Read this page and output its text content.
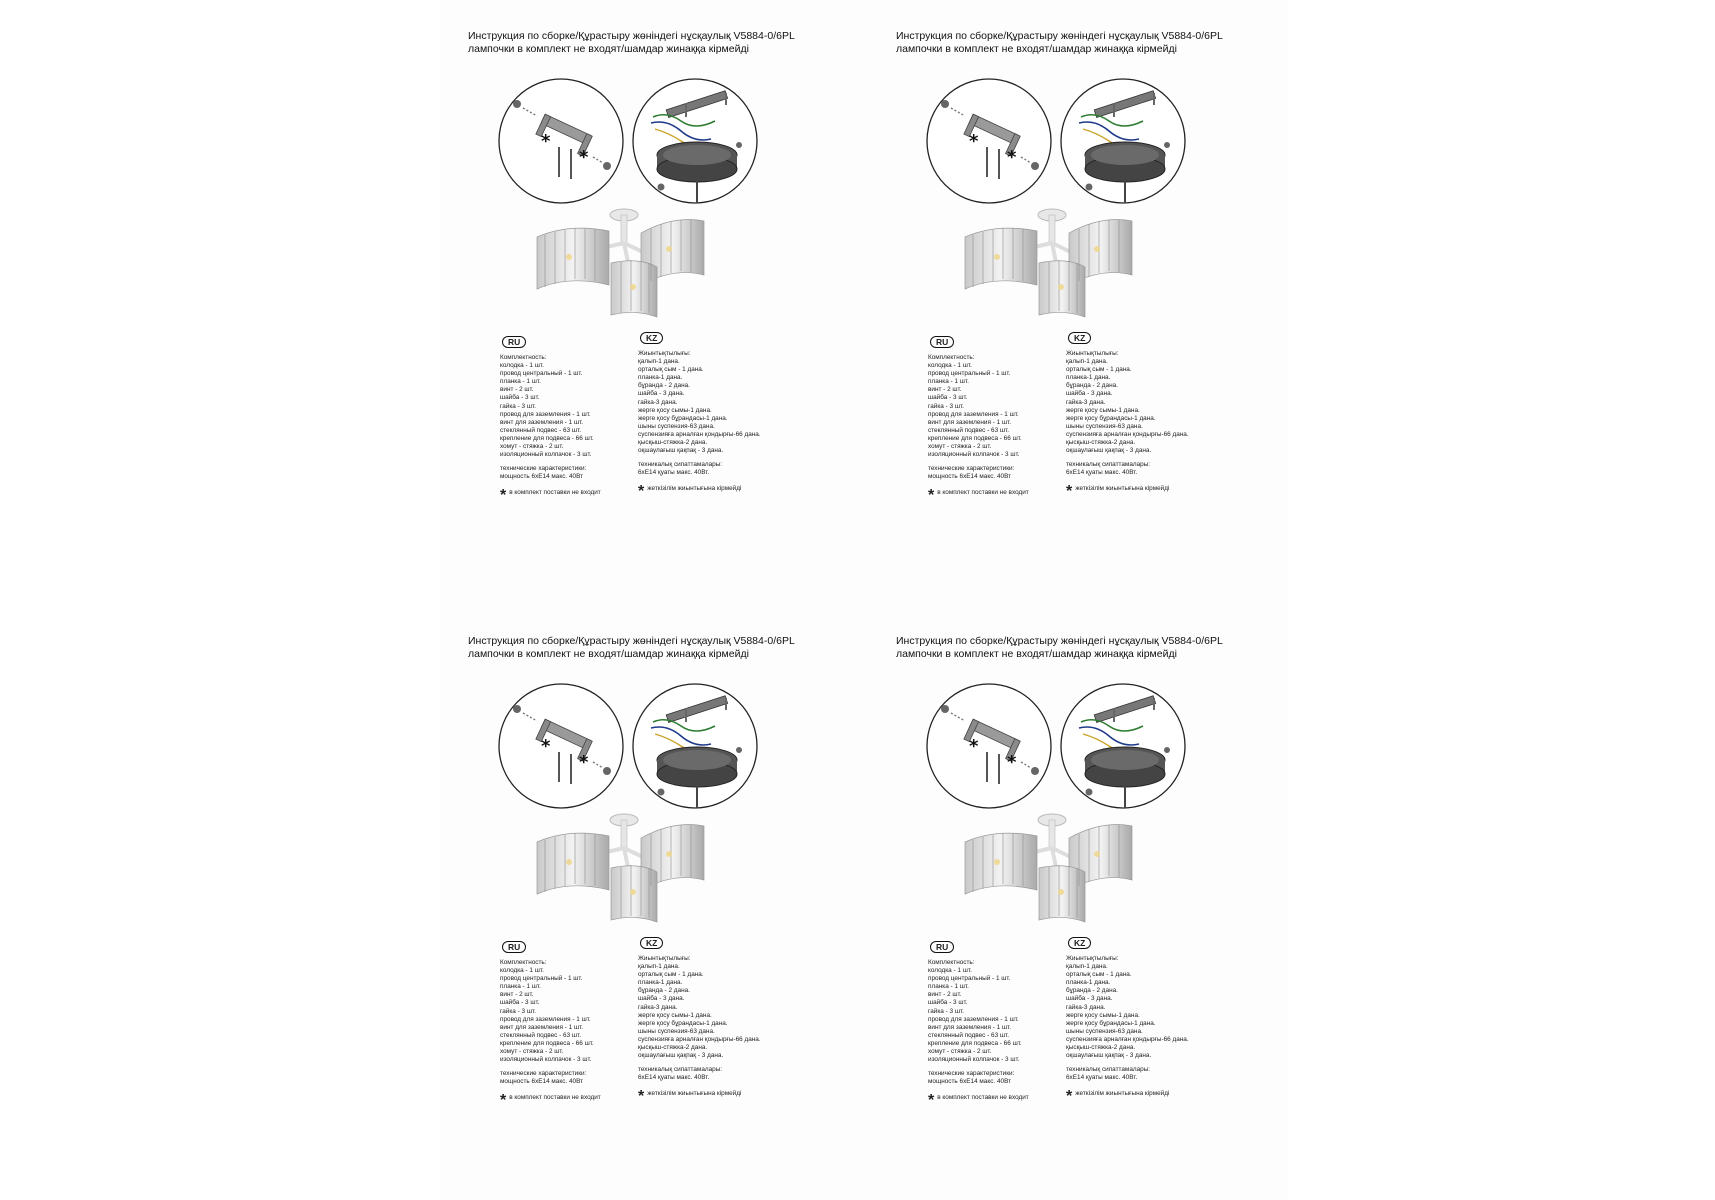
Инструкция по сборке/Құрастыру жөніндегі нұсқаулық V5884-0/6PL
лампочки в комплект не входят/шамдар жинаққа кірмейді
*
*
RU
Комплектность:
колодка - 1 шт.
провод центральный - 1 шт.
планка - 1 шт.
винт - 2 шт.
шайба - 3 шт.
гайка - 3 шт.
провод для заземления - 1 шт.
винт для заземления - 1 шт.
стеклянный подвес - 63 шт.
крепление для подвеса - 66 шт.
хомут - стяжка - 2 шт.
изоляционный колпачок - 3 шт.
технические характеристики:
мощность 6xE14 макс. 40Вт
* в комплект поставки не входит
KZ
Жиынтықтылығы:
қалып-1 дана.
орталық сым - 1 дана.
планка-1 дана.
бұранда - 2 дана.
шайба - 3 дана.
гайка-3 дана.
жерге қосу сымы-1 дана.
жерге қосу бұрандасы-1 дана.
шыны суспензия-63 дана.
суспензияға арналған қондырғы-66 дана.
қысқыш-стяжка-2 дана.
оқшаулағыш қақпақ - 3 дана.
техникалық сипаттамалары:
6xE14 қуаты макс. 40Вт.
* жеткізілім жиынтығына кірмейді
Инструкция по сборке/Құрастыру жөніндегі нұсқаулық V5884-0/6PL
лампочки в комплект не входят/шамдар жинаққа кірмейді
*
*
RU
Комплектность:
колодка - 1 шт.
провод центральный - 1 шт.
планка - 1 шт.
винт - 2 шт.
шайба - 3 шт.
гайка - 3 шт.
провод для заземления - 1 шт.
винт для заземления - 1 шт.
стеклянный подвес - 63 шт.
крепление для подвеса - 66 шт.
хомут - стяжка - 2 шт.
изоляционный колпачок - 3 шт.
технические характеристики:
мощность 6xE14 макс. 40Вт
* в комплект поставки не входит
KZ
Жиынтықтылығы:
қалып-1 дана.
орталық сым - 1 дана.
планка-1 дана.
бұранда - 2 дана.
шайба - 3 дана.
гайка-3 дана.
жерге қосу сымы-1 дана.
жерге қосу бұрандасы-1 дана.
шыны суспензия-63 дана.
суспензияға арналған қондырғы-66 дана.
қысқыш-стяжка-2 дана.
оқшаулағыш қақпақ - 3 дана.
техникалық сипаттамалары:
6xE14 қуаты макс. 40Вт.
* жеткізілім жиынтығына кірмейді
Инструкция по сборке/Құрастыру жөніндегі нұсқаулық V5884-0/6PL
лампочки в комплект не входят/шамдар жинаққа кірмейді
*
*
RU
Комплектность:
колодка - 1 шт.
провод центральный - 1 шт.
планка - 1 шт.
винт - 2 шт.
шайба - 3 шт.
гайка - 3 шт.
провод для заземления - 1 шт.
винт для заземления - 1 шт.
стеклянный подвес - 63 шт.
крепление для подвеса - 66 шт.
хомут - стяжка - 2 шт.
изоляционный колпачок - 3 шт.
технические характеристики:
мощность 6xE14 макс. 40Вт
* в комплект поставки не входит
KZ
Жиынтықтылығы:
қалып-1 дана.
орталық сым - 1 дана.
планка-1 дана.
бұранда - 2 дана.
шайба - 3 дана.
гайка-3 дана.
жерге қосу сымы-1 дана.
жерге қосу бұрандасы-1 дана.
шыны суспензия-63 дана.
суспензияға арналған қондырғы-66 дана.
қысқыш-стяжка-2 дана.
оқшаулағыш қақпақ - 3 дана.
техникалық сипаттамалары:
6xE14 қуаты макс. 40Вт.
* жеткізілім жиынтығына кірмейді
Инструкция по сборке/Құрастыру жөніндегі нұсқаулық V5884-0/6PL
лампочки в комплект не входят/шамдар жинаққа кірмейді
*
*
RU
Комплектность:
колодка - 1 шт.
провод центральный - 1 шт.
планка - 1 шт.
винт - 2 шт.
шайба - 3 шт.
гайка - 3 шт.
провод для заземления - 1 шт.
винт для заземления - 1 шт.
стеклянный подвес - 63 шт.
крепление для подвеса - 66 шт.
хомут - стяжка - 2 шт.
изоляционный колпачок - 3 шт.
технические характеристики:
мощность 6xE14 макс. 40Вт
* в комплект поставки не входит
KZ
Жиынтықтылығы:
қалып-1 дана.
орталық сым - 1 дана.
планка-1 дана.
бұранда - 2 дана.
шайба - 3 дана.
гайка-3 дана.
жерге қосу сымы-1 дана.
жерге қосу бұрандасы-1 дана.
шыны суспензия-63 дана.
суспензияға арналған қондырғы-66 дана.
қысқыш-стяжка-2 дана.
оқшаулағыш қақпақ - 3 дана.
техникалық сипаттамалары:
6xE14 қуаты макс. 40Вт.
* жеткізілім жиынтығына кірмейді
